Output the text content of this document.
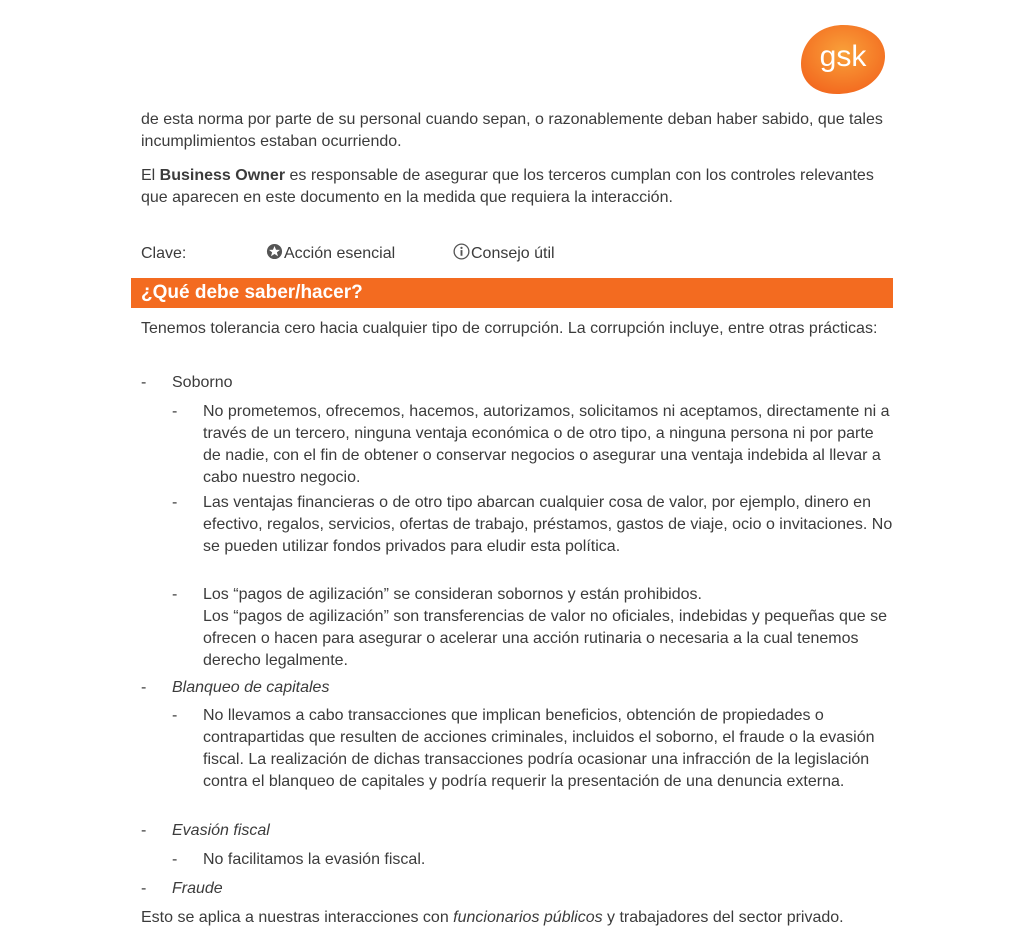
gsk

de esta norma por parte de su personal cuando sepan, o razonablemente deban haber sabido, que tales incumplimientos estaban ocurriendo.

El Business Owner es responsable de asegurar que los terceros cumplan con los controles relevantes que aparecen en este documento en la medida que requiera la interacción.

Clave:	Acción esencial	Consejo útil
¿Qué debe saber/hacer?

Tenemos tolerancia cero hacia cualquier tipo de corrupción. La corrupción incluye, entre otras prácticas:

- Soborno
- No prometemos, ofrecemos, hacemos, autorizamos, solicitamos ni aceptamos, directamente ni a través de un tercero, ninguna ventaja económica o de otro tipo, a ninguna persona ni por parte de nadie, con el fin de obtener o conservar negocios o asegurar una ventaja indebida al llevar a cabo nuestro negocio.

- Las ventajas financieras o de otro tipo abarcan cualquier cosa de valor, por ejemplo, dinero en efectivo, regalos, servicios, ofertas de trabajo, préstamos, gastos de viaje, ocio o invitaciones. No se pueden utilizar fondos privados para eludir esta política.

- Los “pagos de agilización” se consideran sobornos y están prohibidos.

Los “pagos de agilización” son transferencias de valor no oficiales, indebidas y pequeñas que se ofrecen o hacen para asegurar o acelerar una acción rutinaria o necesaria a la cual tenemos derecho legalmente.

- Blanqueo de capitales
- No llevamos a cabo transacciones que implican beneficios, obtención de propiedades o contrapartidas que resulten de acciones criminales, incluidos el soborno, el fraude o la evasión fiscal. La realización de dichas transacciones podría ocasionar una infracción de la legislación contra el blanqueo de capitales y podría requerir la presentación de una denuncia externa.

- Evasión fiscal
- No facilitamos la evasión fiscal.

- Fraude

Esto se aplica a nuestras interacciones con funcionarios públicos y trabajadores del sector privado.
